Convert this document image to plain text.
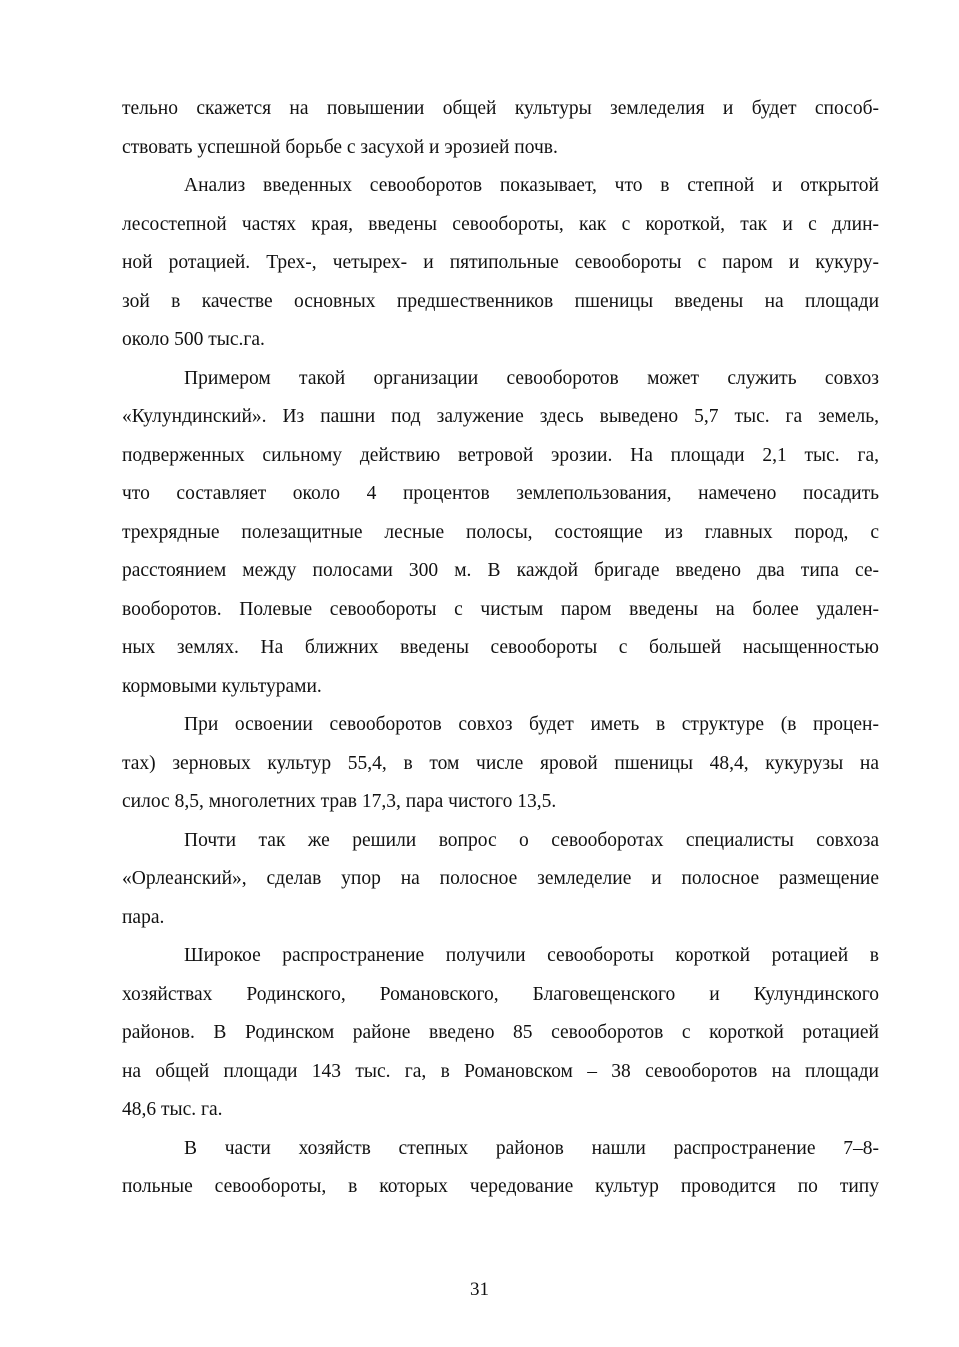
тельно скажется на повышении общей культуры земледелия и будет способ-
ствовать успешной борьбе с засухой и эрозией почв.
Анализ введенных севооборотов показывает, что в степной и открытой
лесостепной частях края, введены севообороты, как с короткой, так и с длин-
ной ротацией. Трех-, четырех- и пятипольные севообороты с паром и кукуру-
зой в качестве основных предшественников пшеницы введены на площади
около 500 тыс.га.
Примером такой организации севооборотов может служить совхоз
«Кулундинский». Из пашни под залужение здесь выведено 5,7 тыс. га земель,
подверженных сильному действию ветровой эрозии. На площади 2,1 тыс. га,
что составляет около 4 процентов землепользования, намечено посадить
трехрядные полезащитные лесные полосы, состоящие из главных пород, с
расстоянием между полосами 300 м. В каждой бригаде введено два типа се-
вооборотов. Полевые севообороты с чистым паром введены на более удален-
ных землях. На ближних введены севообороты с большей насыщенностью
кормовыми культурами.
При освоении севооборотов совхоз будет иметь в структуре (в процен-
тах) зерновых культур 55,4, в том числе яровой пшеницы 48,4, кукурузы на
силос 8,5, многолетних трав 17,3, пара чистого 13,5.
Почти так же решили вопрос о севооборотах специалисты совхоза
«Орлеанский», сделав упор на полосное земледелие и полосное размещение
пара.
Широкое распространение получили севообороты короткой ротацией в
хозяйствах Родинского, Романовского, Благовещенского и Кулундинского
районов. В Родинском районе введено 85 севооборотов с короткой ротацией
на общей площади 143 тыс. га, в Романовском – 38 севооборотов на площади
48,6 тыс. га.
В части хозяйств степных районов нашли распространение 7–8-
польные севообороты, в которых чередование культур проводится по типу
31
